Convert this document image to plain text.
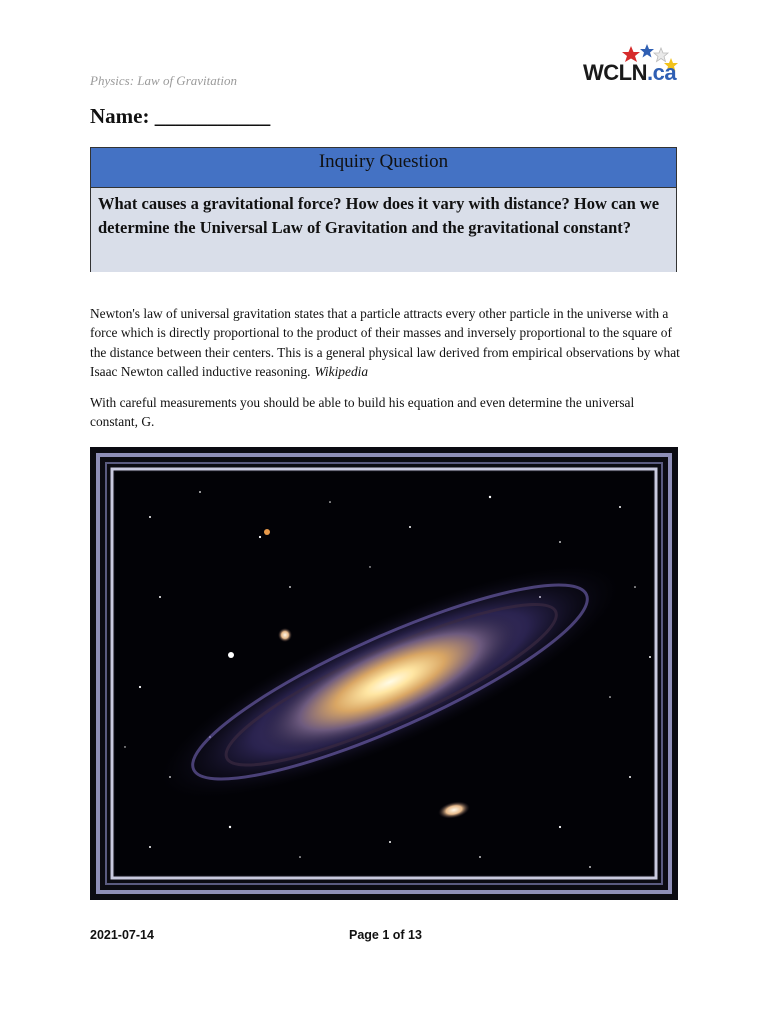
Physics: Law of Gravitation	WCLN.ca
Name: ___________
Inquiry Question
What causes a gravitational force? How does it vary with distance? How can we determine the Universal Law of Gravitation and the gravitational constant?
Newton's law of universal gravitation states that a particle attracts every other particle in the universe with a force which is directly proportional to the product of their masses and inversely proportional to the square of the distance between their centers. This is a general physical law derived from empirical observations by what Isaac Newton called inductive reasoning. Wikipedia
With careful measurements you should be able to build his equation and even determine the universal constant, G.
2021-07-14	Page 1 of 13
